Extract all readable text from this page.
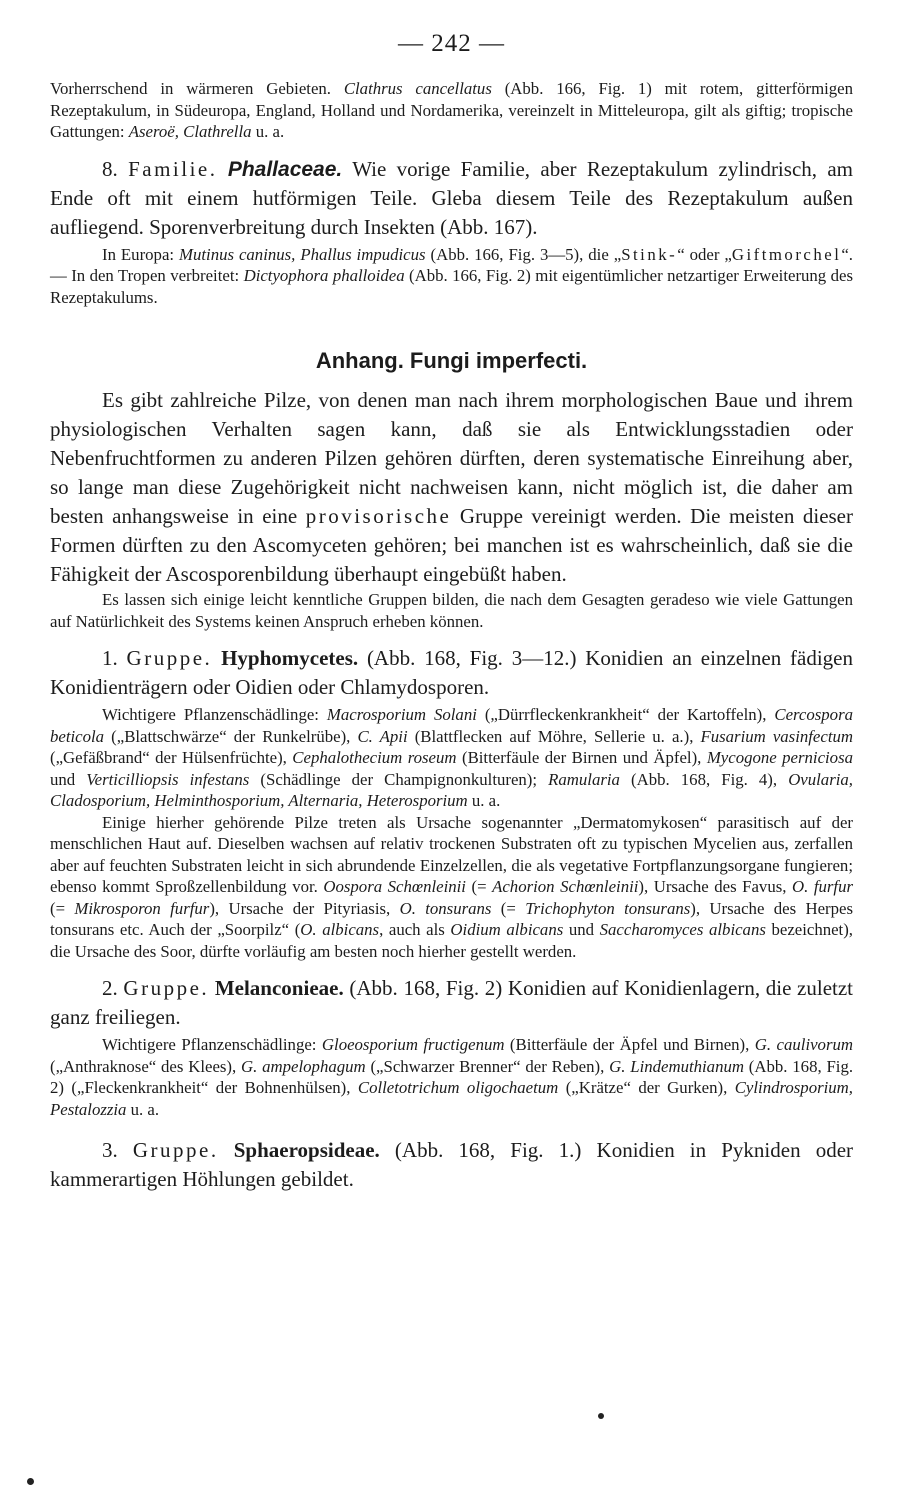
— 242 —

Vorherrschend in wärmeren Gebieten. Clathrus cancellatus (Abb. 166, Fig. 1) mit rotem, gitterförmigen Rezeptakulum, in Südeuropa, England, Holland und Nordamerika, vereinzelt in Mitteleuropa, gilt als giftig; tropische Gattungen: Aseroë, Clathrella u. a.

8. Familie. Phallaceae. Wie vorige Familie, aber Rezeptakulum zylindrisch, am Ende oft mit einem hutförmigen Teile. Gleba diesem Teile des Rezeptakulum außen aufliegend. Sporenverbreitung durch Insekten (Abb. 167).

In Europa: Mutinus caninus, Phallus impudicus (Abb. 166, Fig. 3—5), die „Stink-“ oder „Giftmorchel“. — In den Tropen verbreitet: Dictyophora phalloidea (Abb. 166, Fig. 2) mit eigentümlicher netzartiger Erweiterung des Rezeptakulums.

Anhang. Fungi imperfecti.

Es gibt zahlreiche Pilze, von denen man nach ihrem morphologischen Baue und ihrem physiologischen Verhalten sagen kann, daß sie als Entwicklungsstadien oder Nebenfruchtformen zu anderen Pilzen gehören dürften, deren systematische Einreihung aber, so lange man diese Zugehörigkeit nicht nachweisen kann, nicht möglich ist, die daher am besten anhangsweise in eine provisorische Gruppe vereinigt werden. Die meisten dieser Formen dürften zu den Ascomyceten gehören; bei manchen ist es wahrscheinlich, daß sie die Fähigkeit der Ascosporenbildung überhaupt eingebüßt haben.

Es lassen sich einige leicht kenntliche Gruppen bilden, die nach dem Gesagten geradeso wie viele Gattungen auf Natürlichkeit des Systems keinen Anspruch erheben können.

1. Gruppe. Hyphomycetes. (Abb. 168, Fig. 3—12.) Konidien an einzelnen fädigen Konidienträgern oder Oidien oder Chlamydosporen.

Wichtigere Pflanzenschädlinge: Macrosporium Solani („Dürrfleckenkrankheit“ der Kartoffeln), Cercospora beticola („Blattschwärze“ der Runkelrübe), C. Apii (Blattflecken auf Möhre, Sellerie u. a.), Fusarium vasinfectum („Gefäßbrand“ der Hülsenfrüchte), Cephalothecium roseum (Bitterfäule der Birnen und Äpfel), Mycogone perniciosa und Verticilliopsis infestans (Schädlinge der Champignonkulturen); Ramularia (Abb. 168, Fig. 4), Ovularia, Cladosporium, Helminthosporium, Alternaria, Heterosporium u. a.

Einige hierher gehörende Pilze treten als Ursache sogenannter „Dermatomykosen“ parasitisch auf der menschlichen Haut auf. Dieselben wachsen auf relativ trockenen Substraten oft zu typischen Mycelien aus, zerfallen aber auf feuchten Substraten leicht in sich abrundende Einzelzellen, die als vegetative Fortpflanzungsorgane fungieren; ebenso kommt Sproßzellenbildung vor. Oospora Schœnleinii (= Achorion Schœnleinii), Ursache des Favus, O. furfur (= Mikrosporon furfur), Ursache der Pityriasis, O. tonsurans (= Trichophyton tonsurans), Ursache des Herpes tonsurans etc. Auch der „Soorpilz“ (O. albicans, auch als Oidium albicans und Saccharomyces albicans bezeichnet), die Ursache des Soor, dürfte vorläufig am besten noch hierher gestellt werden.

2. Gruppe. Melanconieae. (Abb. 168, Fig. 2) Konidien auf Konidienlagern, die zuletzt ganz freiliegen.

Wichtigere Pflanzenschädlinge: Gloeosporium fructigenum (Bitterfäule der Äpfel und Birnen), G. caulivorum („Anthraknose“ des Klees), G. ampelophagum („Schwarzer Brenner“ der Reben), G. Lindemuthianum (Abb. 168, Fig. 2) („Fleckenkrankheit“ der Bohnenhülsen), Colletotrichum oligochaetum („Krätze“ der Gurken), Cylindrosporium, Pestalozzia u. a.

3. Gruppe. Sphaeropsideae. (Abb. 168, Fig. 1.) Konidien in Pykniden oder kammerartigen Höhlungen gebildet.
